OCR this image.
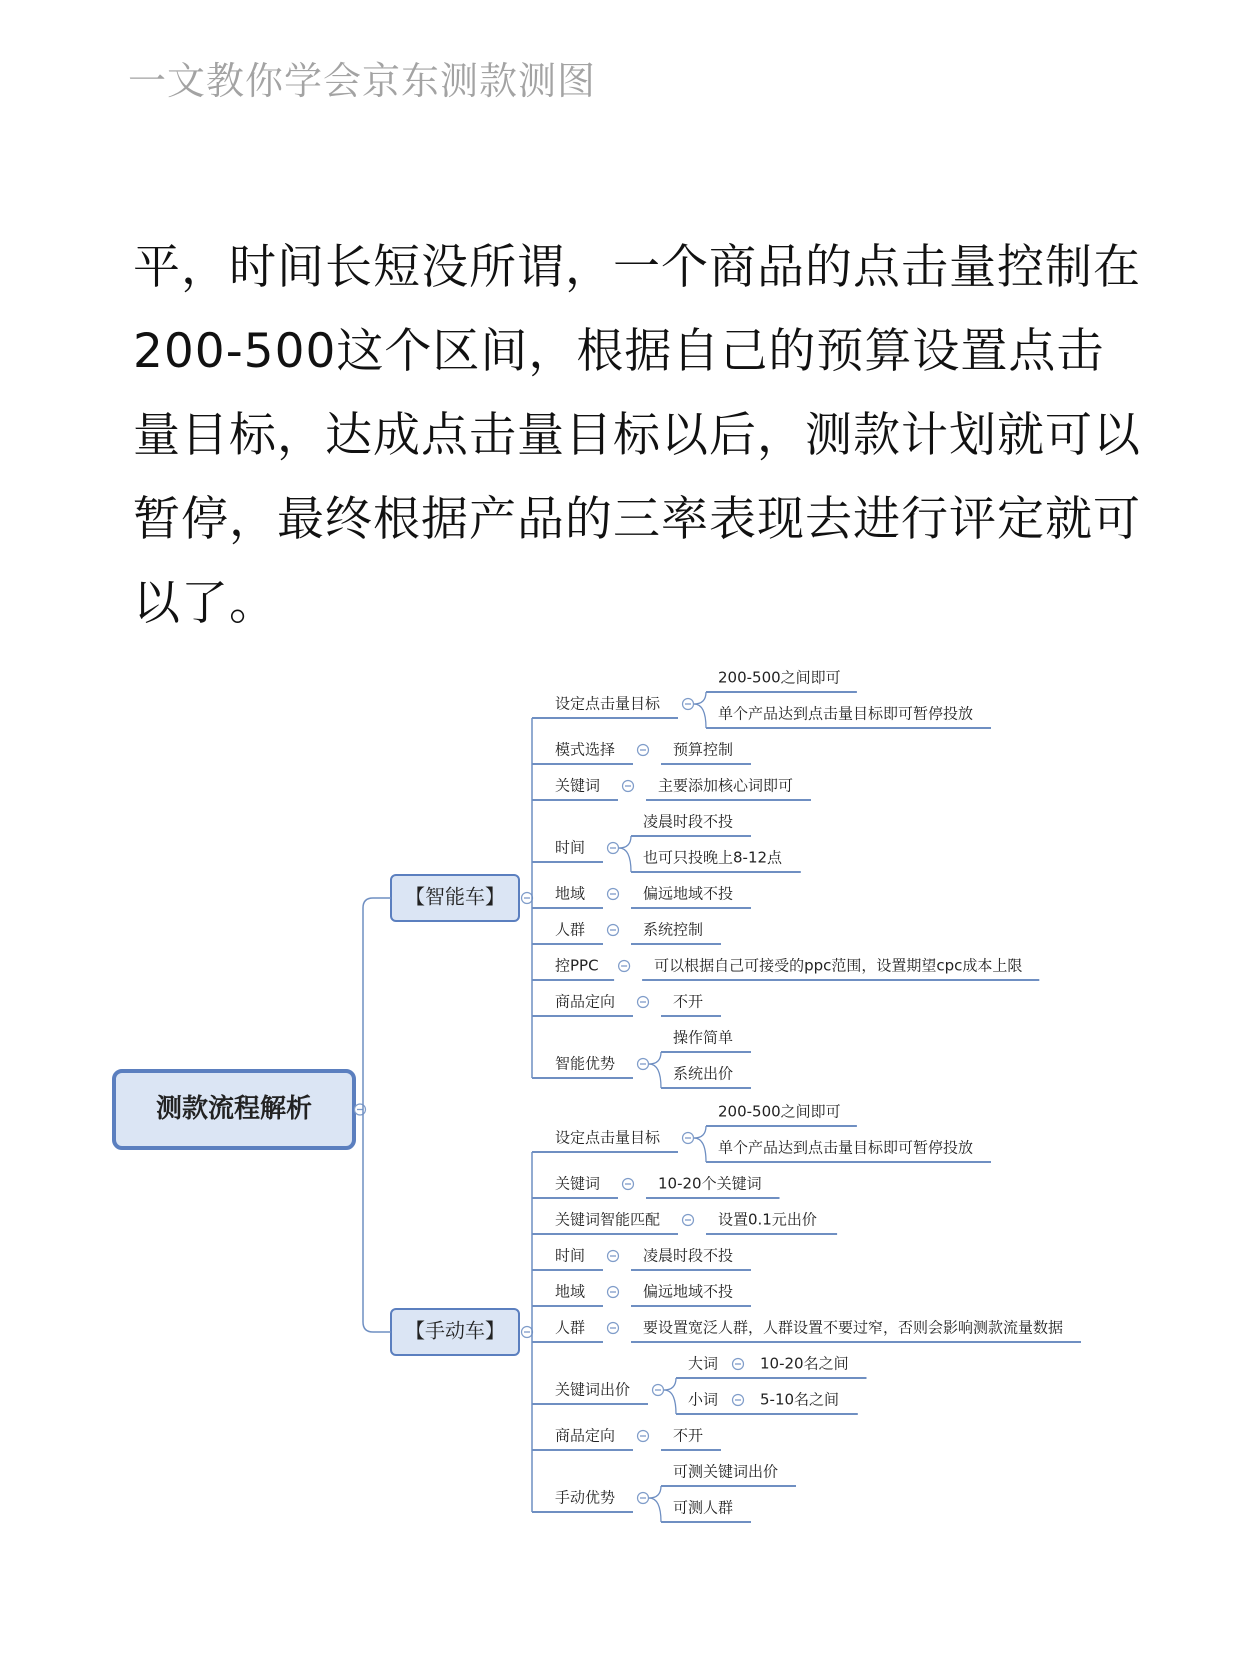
一文教你学会京东测款测图
平，时间长短没所谓，一个商品的点击量控制在200-500这个区间，根据自己的预算设置点击量目标，达成点击量目标以后，测款计划就可以暂停，最终根据产品的三率表现去进行评定就可以了。
测款流程解析
【智能车】
设定点击量目标
200-500之间即可
单个产品达到点击量目标即可暂停投放
模式选择	预算控制
关键词	主要添加核心词即可
时间
凌晨时段不投
也可只投晚上8-12点
地域	偏远地域不投
人群	系统控制
控PPC	可以根据自己可接受的ppc范围，设置期望cpc成本上限
商品定向	不开
智能优势
操作简单
系统出价
【手动车】
设定点击量目标
200-500之间即可
单个产品达到点击量目标即可暂停投放
关键词	10-20个关键词
关键词智能匹配	设置0.1元出价
时间	凌晨时段不投
地域	偏远地域不投
人群	要设置宽泛人群，人群设置不要过窄，否则会影响测款流量数据
关键词出价
大词	10-20名之间
小词	5-10名之间
商品定向	不开
手动优势
可测关键词出价
可测人群
